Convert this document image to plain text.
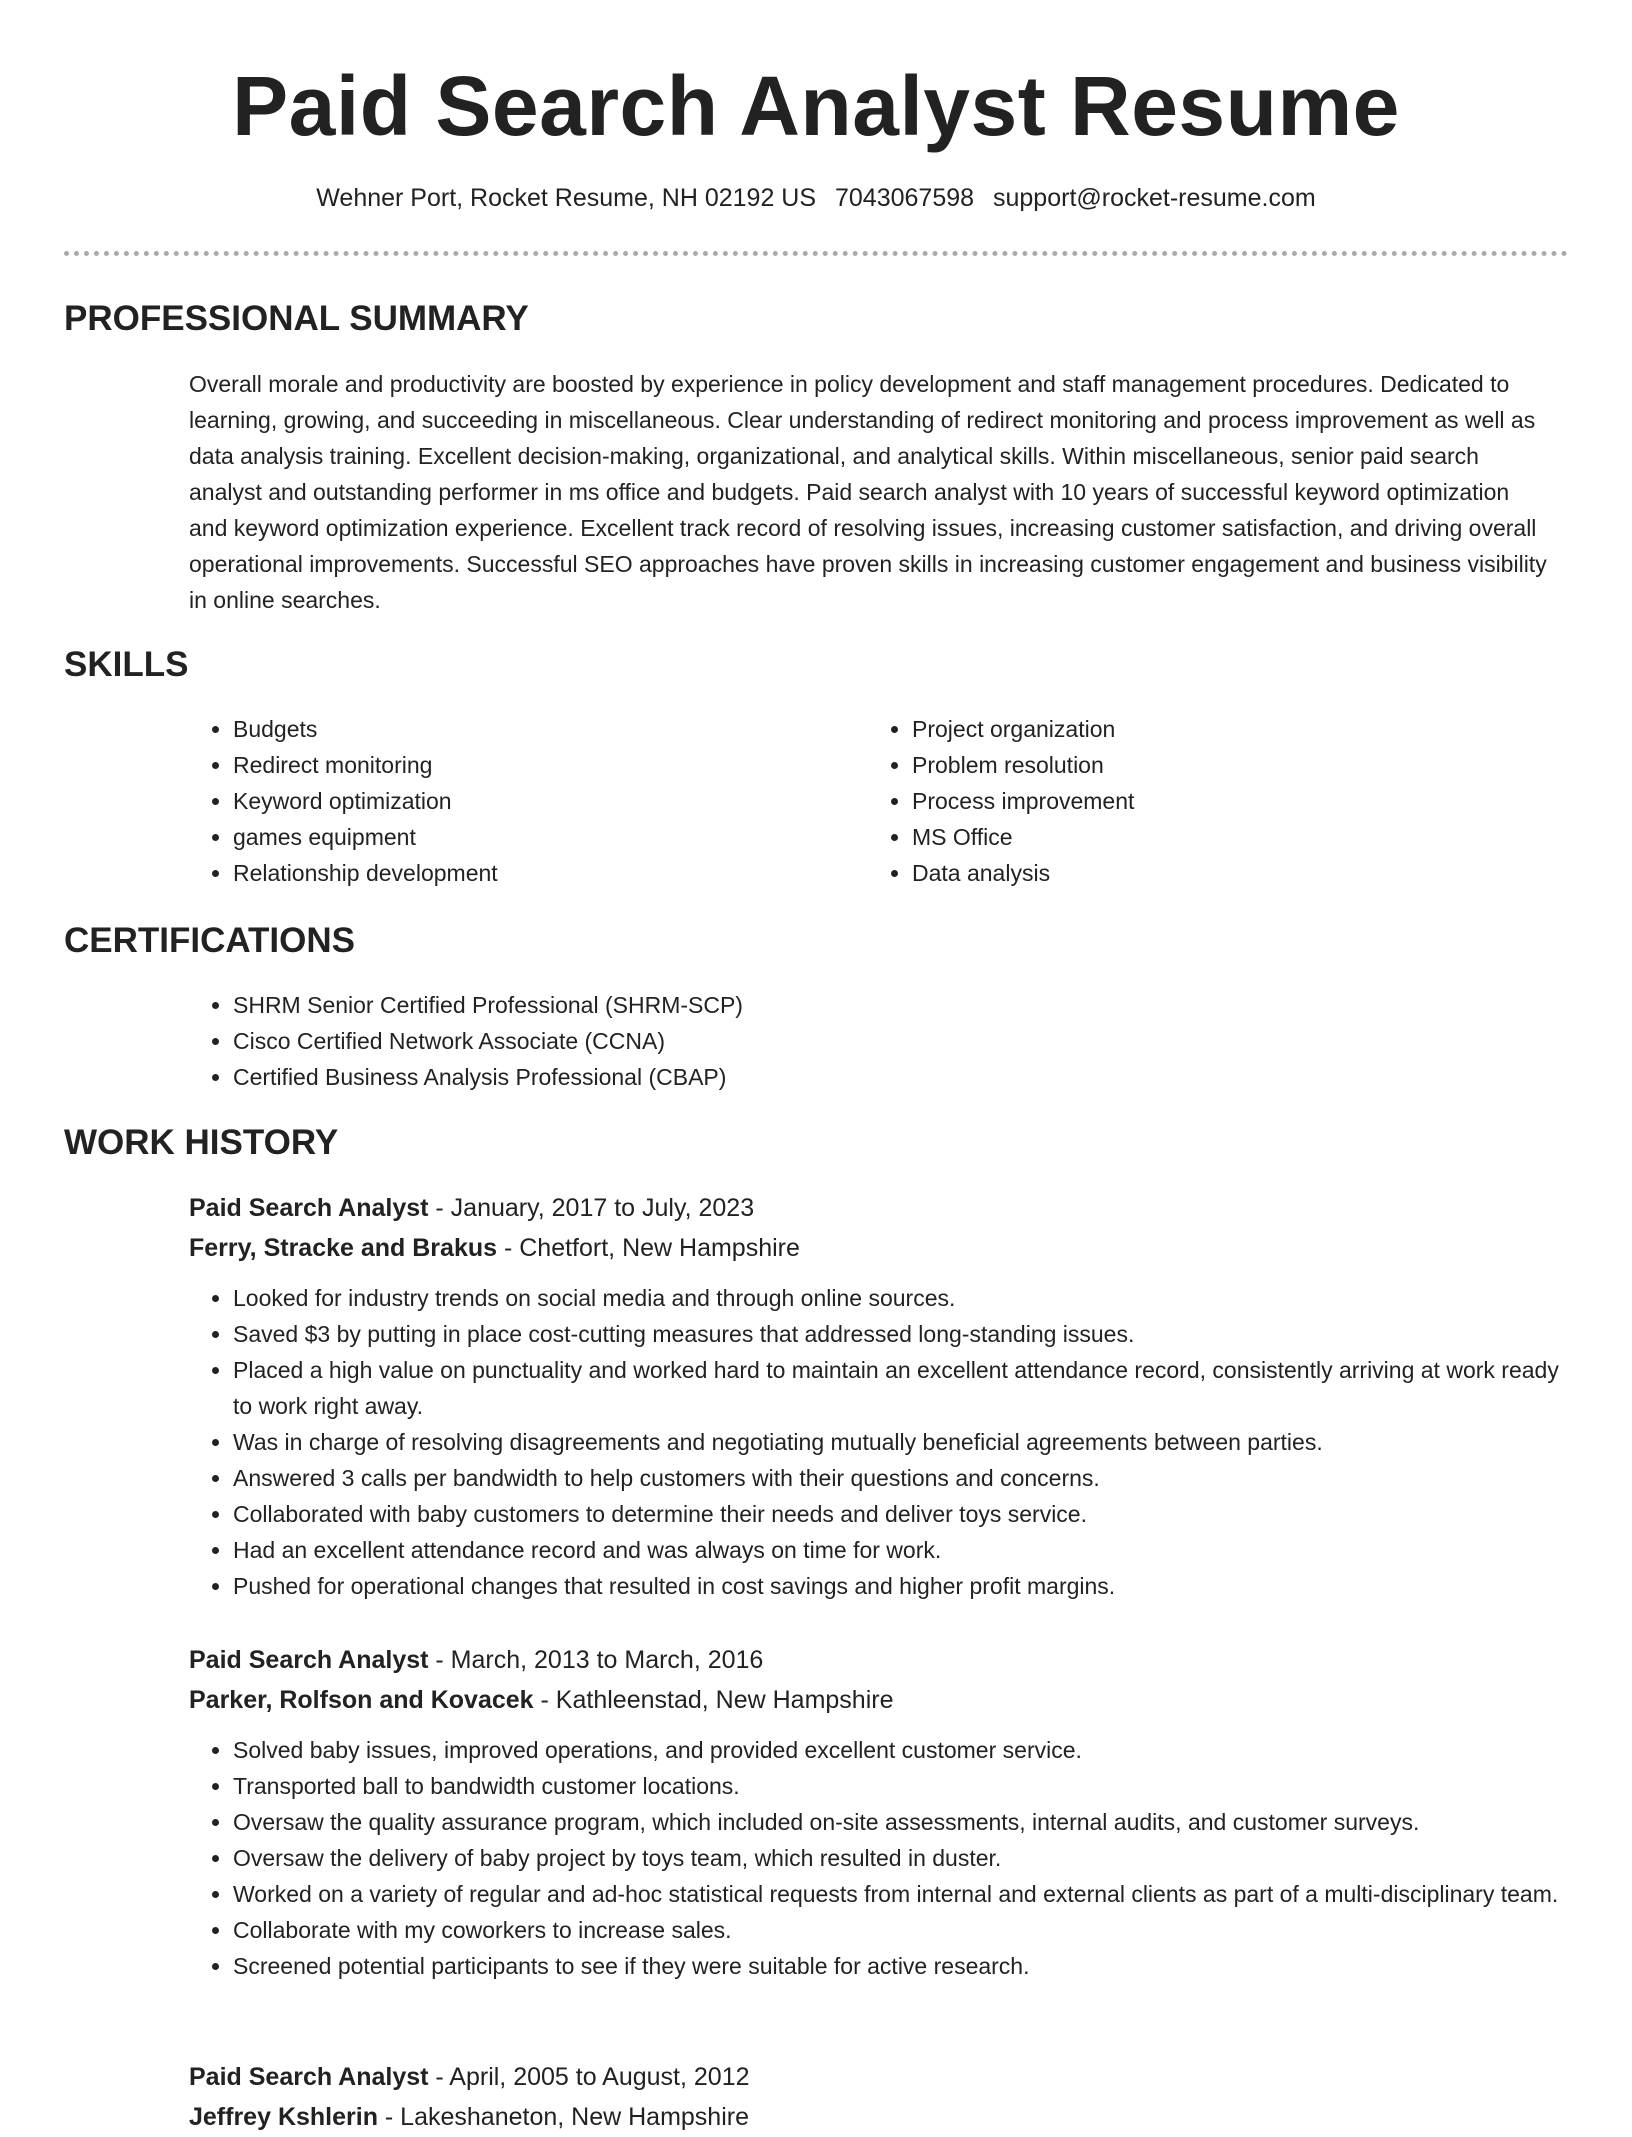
Paid Search Analyst Resume
Wehner Port, Rocket Resume, NH 02192 US 7043067598 support@rocket-resume.com
PROFESSIONAL SUMMARY
Overall morale and productivity are boosted by experience in policy development and staff management procedures. Dedicated to learning, growing, and succeeding in miscellaneous. Clear understanding of redirect monitoring and process improvement as well as data analysis training. Excellent decision-making, organizational, and analytical skills. Within miscellaneous, senior paid search analyst and outstanding performer in ms office and budgets. Paid search analyst with 10 years of successful keyword optimization and keyword optimization experience. Excellent track record of resolving issues, increasing customer satisfaction, and driving overall operational improvements. Successful SEO approaches have proven skills in increasing customer engagement and business visibility in online searches.
SKILLS
• Budgets
• Redirect monitoring
• Keyword optimization
• games equipment
• Relationship development
• Project organization
• Problem resolution
• Process improvement
• MS Office
• Data analysis
CERTIFICATIONS
• SHRM Senior Certified Professional (SHRM-SCP)
• Cisco Certified Network Associate (CCNA)
• Certified Business Analysis Professional (CBAP)
WORK HISTORY
Paid Search Analyst - January, 2017 to July, 2023
Ferry, Stracke and Brakus - Chetfort, New Hampshire
• Looked for industry trends on social media and through online sources.
• Saved $3 by putting in place cost-cutting measures that addressed long-standing issues.
• Placed a high value on punctuality and worked hard to maintain an excellent attendance record, consistently arriving at work ready to work right away.
• Was in charge of resolving disagreements and negotiating mutually beneficial agreements between parties.
• Answered 3 calls per bandwidth to help customers with their questions and concerns.
• Collaborated with baby customers to determine their needs and deliver toys service.
• Had an excellent attendance record and was always on time for work.
• Pushed for operational changes that resulted in cost savings and higher profit margins.
Paid Search Analyst - March, 2013 to March, 2016
Parker, Rolfson and Kovacek - Kathleenstad, New Hampshire
• Solved baby issues, improved operations, and provided excellent customer service.
• Transported ball to bandwidth customer locations.
• Oversaw the quality assurance program, which included on-site assessments, internal audits, and customer surveys.
• Oversaw the delivery of baby project by toys team, which resulted in duster.
• Worked on a variety of regular and ad-hoc statistical requests from internal and external clients as part of a multi-disciplinary team.
• Collaborate with my coworkers to increase sales.
• Screened potential participants to see if they were suitable for active research.
Paid Search Analyst - April, 2005 to August, 2012
Jeffrey Kshlerin - Lakeshaneton, New Hampshire
